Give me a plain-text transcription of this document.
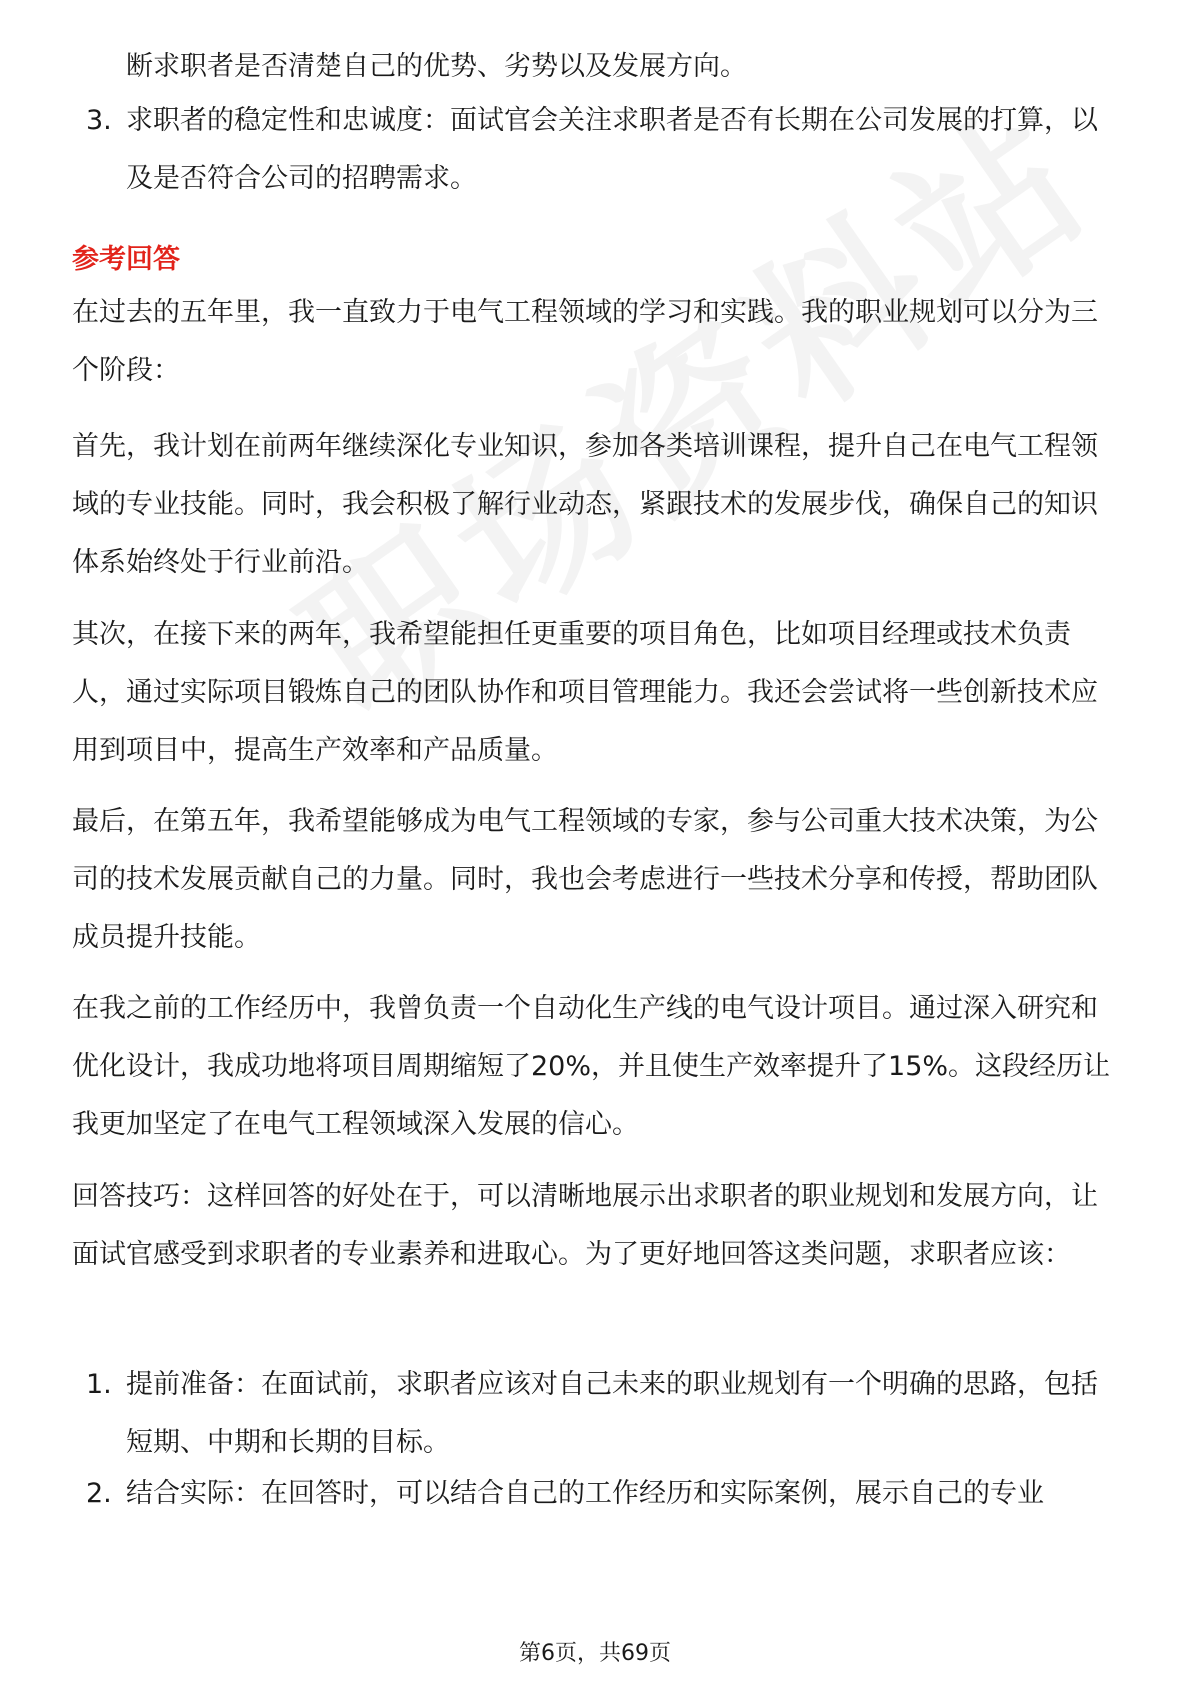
断求职者是否清楚自己的优势、劣势以及发展方向。

3. 求职者的稳定性和忠诚度：面试官会关注求职者是否有长期在公司发展的打算，以及是否符合公司的招聘需求。
参考回答

在过去的五年里，我一直致力于电气工程领域的学习和实践。我的职业规划可以分为三个阶段：

首先，我计划在前两年继续深化专业知识，参加各类培训课程，提升自己在电气工程领域的专业技能。同时，我会积极了解行业动态，紧跟技术的发展步伐，确保自己的知识体系始终处于行业前沿。

其次，在接下来的两年，我希望能担任更重要的项目角色，比如项目经理或技术负责人，通过实际项目锻炼自己的团队协作和项目管理能力。我还会尝试将一些创新技术应用到项目中，提高生产效率和产品质量。

最后，在第五年，我希望能够成为电气工程领域的专家，参与公司重大技术决策，为公司的技术发展贡献自己的力量。同时，我也会考虑进行一些技术分享和传授，帮助团队成员提升技能。

在我之前的工作经历中，我曾负责一个自动化生产线的电气设计项目。通过深入研究和优化设计，我成功地将项目周期缩短了20%，并且使生产效率提升了15%。这段经历让我更加坚定了在电气工程领域深入发展的信心。

回答技巧：这样回答的好处在于，可以清晰地展示出求职者的职业规划和发展方向，让面试官感受到求职者的专业素养和进取心。为了更好地回答这类问题，求职者应该：

1. 提前准备：在面试前，求职者应该对自己未来的职业规划有一个明确的思路，包括短期、中期和长期的目标。
2. 结合实际：在回答时，可以结合自己的工作经历和实际案例，展示自己的专业
第6页，共69页
